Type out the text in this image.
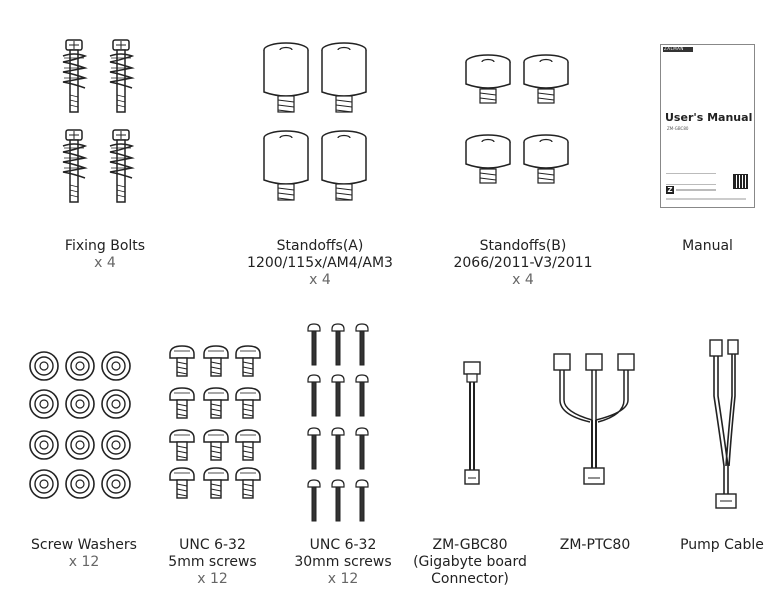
Fixing Bolts
x 4
Standoffs(A)
1200/115x/AM4/AM3
x 4
Standoffs(B)
2066/2011-V3/2011
x 4
ZALMAN
User's Manual
ZM-GBC80
Z
Manual
Screw Washers
x 12
UNC 6-32
5mm screws
x 12
UNC 6-32
30mm screws
x 12
ZM-GBC80
(Gigabyte board
Connector)
ZM-PTC80	Pump Cable
